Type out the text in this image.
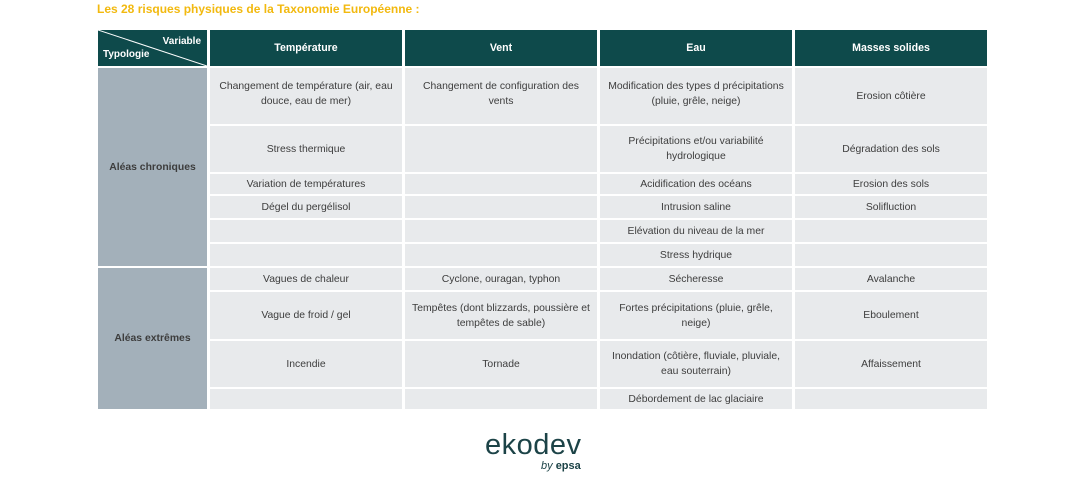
Les 28 risques physiques de la Taxonomie Européenne :
Variable
Typologie	Température	Vent	Eau	Masses solides
Aléas chroniques	Changement de température (air, eau douce, eau de mer)	Changement de configuration des vents	Modification des types d précipitations (pluie, grêle, neige)	Erosion côtière
	Stress thermique		Précipitations et/ou variabilité hydrologique	Dégradation des sols
	Variation de températures		Acidification des océans	Erosion des sols
	Dégel du pergélisol		Intrusion saline	Solifluction
			Elévation du niveau de la mer	
			Stress hydrique	
Aléas extrêmes	Vagues de chaleur	Cyclone, ouragan, typhon	Sécheresse	Avalanche
	Vague de froid / gel	Tempêtes (dont blizzards, poussière et tempêtes de sable)	Fortes précipitations (pluie, grêle, neige)	Eboulement
	Incendie	Tornade	Inondation (côtière, fluviale, pluviale, eau souterrain)	Affaissement
			Débordement de lac glaciaire	
ekodev
by epsa
